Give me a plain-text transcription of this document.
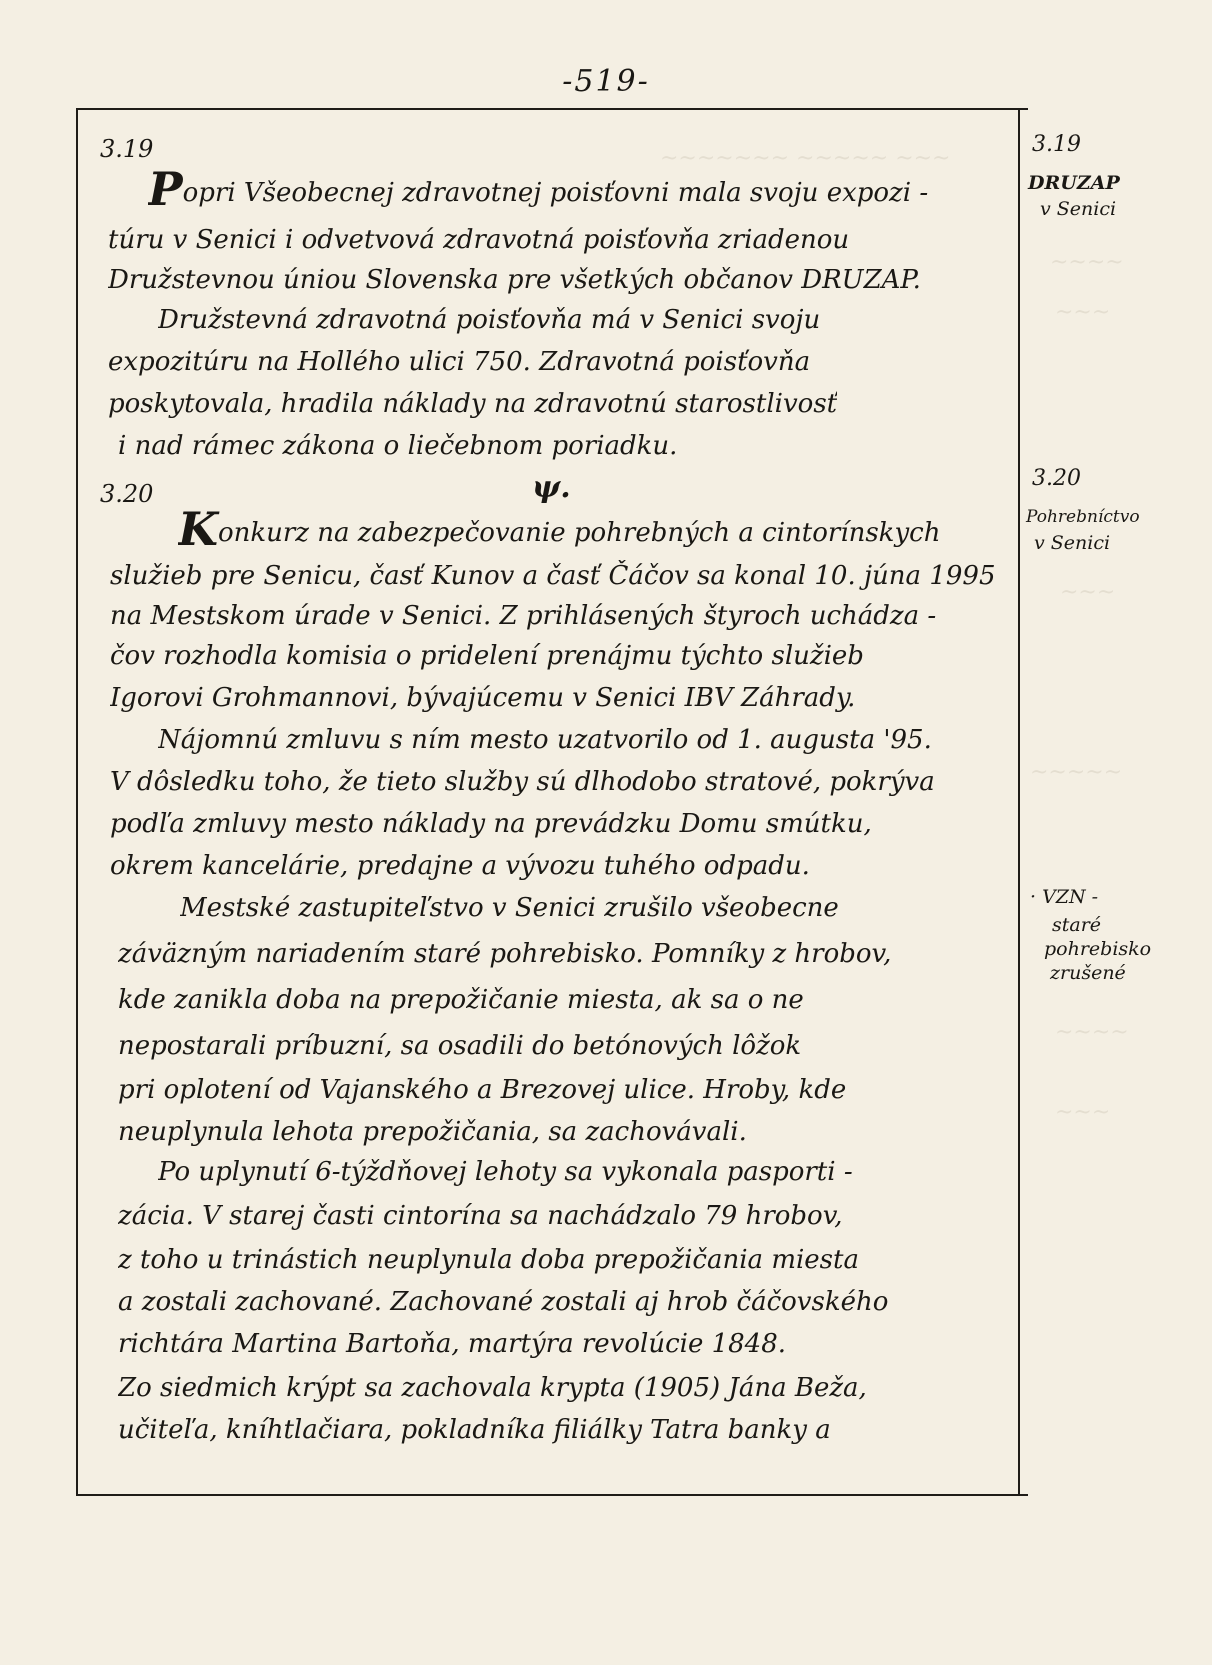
-519-
~~~~~~~ ~~~~~ ~~~
~~~~
~~~
~~~
~~~~~
~~~~
~~~
3.19
Popri Všeobecnej zdravotnej poisťovni mala svoju expozi -
túru v Senici i odvetvová zdravotná poisťovňa zriadenou
Družstevnou úniou Slovenska pre všetkých občanov DRUZAP.
Družstevná zdravotná poisťovňa má v Senici svoju
expozitúru na Hollého ulici 750. Zdravotná poisťovňa
poskytovala, hradila náklady na zdravotnú starostlivosť
i nad rámec zákona o liečebnom poriadku.
ψ.
3.20
Konkurz na zabezpečovanie pohrebných a cintorínskych
služieb pre Senicu, časť Kunov a časť Čáčov sa konal 10. júna 1995
na Mestskom úrade v Senici. Z prihlásených štyroch uchádza -
čov rozhodla komisia o pridelení prenájmu týchto služieb
Igorovi Grohmannovi, bývajúcemu v Senici IBV Záhrady.
Nájomnú zmluvu s ním mesto uzatvorilo od 1. augusta '95.
V dôsledku toho, že tieto služby sú dlhodobo stratové, pokrýva
podľa zmluvy mesto náklady na prevádzku Domu smútku,
okrem kancelárie, predajne a vývozu tuhého odpadu.
Mestské zastupiteľstvo v Senici zrušilo všeobecne
záväzným nariadením staré pohrebisko. Pomníky z hrobov,
kde zanikla doba na prepožičanie miesta, ak sa o ne
nepostarali príbuzní, sa osadili do betónových lôžok
pri oplotení od Vajanského a Brezovej ulice. Hroby, kde
neuplynula lehota prepožičania, sa zachovávali.
Po uplynutí 6-týždňovej lehoty sa vykonala pasporti -
zácia. V starej časti cintorína sa nachádzalo 79 hrobov,
z toho u trinástich neuplynula doba prepožičania miesta
a zostali zachované. Zachované zostali aj hrob čáčovského
richtára Martina Bartoňa, martýra revolúcie 1848.
Zo siedmich krýpt sa zachovala krypta (1905) Jána Beža,
učiteľa, kníhtlačiara, pokladníka filiálky Tatra banky a
3.19
DRUZAP
v Senici
3.20
Pohrebníctvo
v Senici
· VZN -
staré
pohrebisko
zrušené
